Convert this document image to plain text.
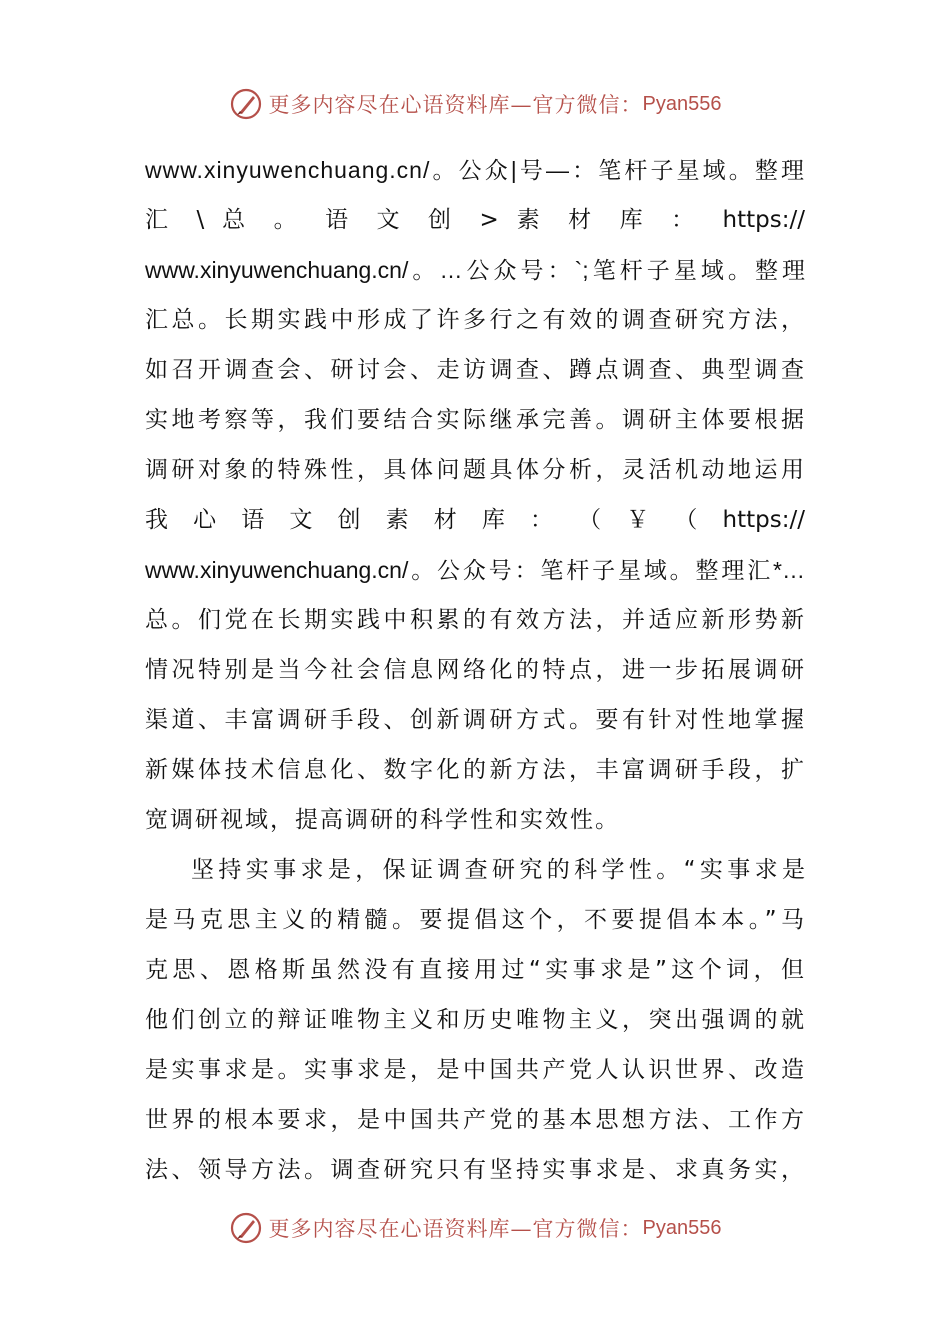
更多内容尽在心语资料库— 官方微信： Pyan556
www.xinyuwenchuang.cn/。公众|号—：笔杆子星域。整理
汇 \ 总 。 语 文 创 > 素 材 库 ： https://
www.xinyuwenchuang.cn/。…公众号：`;笔杆子星域。整理
汇总。长期实践中形成了许多行之有效的调查研究方法，
如召开调查会、研讨会、走访调查、蹲点调查、典型调查
实地考察等，我们要结合实际继承完善。调研主体要根据
调研对象的特殊性，具体问题具体分析，灵活机动地运用
我 心 语 文 创 素 材 库 ： （ ￥ （ https://
www.xinyuwenchuang.cn/。公众号：笔杆子星域。整理汇*…
总。们党在长期实践中积累的有效方法，并适应新形势新
情况特别是当今社会信息网络化的特点，进一步拓展调研
渠道、丰富调研手段、创新调研方式。要有针对性地掌握
新媒体技术信息化、数字化的新方法，丰富调研手段，扩
宽调研视域，提高调研的科学性和实效性。
坚持实事求是，保证调查研究的科学性。“实事求是
是马克思主义的精髓。要提倡这个，不要提倡本本。”马
克思、恩格斯虽然没有直接用过“实事求是”这个词，但
他们创立的辩证唯物主义和历史唯物主义，突出强调的就
是实事求是。实事求是，是中国共产党人认识世界、改造
世界的根本要求，是中国共产党的基本思想方法、工作方
法、领导方法。调查研究只有坚持实事求是、求真务实，
更多内容尽在心语资料库— 官方微信： Pyan556
